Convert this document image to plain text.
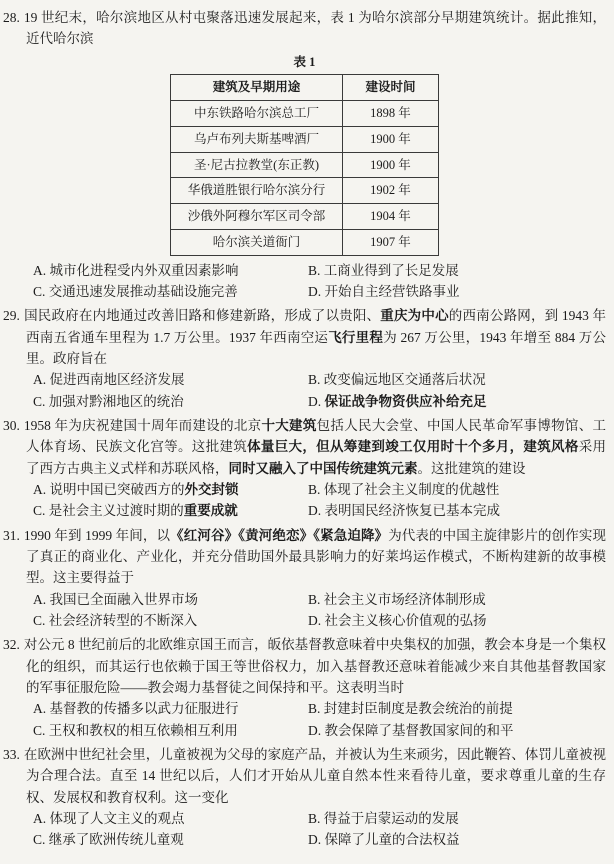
28. 19 世纪末，哈尔滨地区从村屯聚落迅速发展起来，表 1 为哈尔滨部分早期建筑统计。据此推知，近代哈尔滨
表 1
建筑及早期用途	建设时间
中东铁路哈尔滨总工厂	1898 年
乌卢布列夫斯基啤酒厂	1900 年
圣·尼古拉教堂(东正教)	1900 年
华俄道胜银行哈尔滨分行	1902 年
沙俄外阿穆尔军区司令部	1904 年
哈尔滨关道衙门	1907 年
A. 城市化进程受内外双重因素影响	B. 工商业得到了长足发展
C. 交通迅速发展推动基础设施完善	D. 开始自主经营铁路事业
29. 国民政府在内地通过改善旧路和修建新路，形成了以贵阳、重庆为中心的西南公路网，到 1943 年西南五省通车里程为 1.7 万公里。1937 年西南空运飞行里程为 267 万公里，1943 年增至 884 万公里。政府旨在
A. 促进西南地区经济发展	B. 改变偏远地区交通落后状况
C. 加强对黔湘地区的统治	D. 保证战争物资供应补给充足
30. 1958 年为庆祝建国十周年而建设的北京十大建筑包括人民大会堂、中国人民革命军事博物馆、工人体育场、民族文化宫等。这批建筑体量巨大，但从筹建到竣工仅用时十个多月，建筑风格采用了西方古典主义式样和苏联风格，同时又融入了中国传统建筑元素。这批建筑的建设
A. 说明中国已突破西方的外交封锁	B. 体现了社会主义制度的优越性
C. 是社会主义过渡时期的重要成就	D. 表明国民经济恢复已基本完成
31. 1990 年到 1999 年间，以《红河谷》《黄河绝恋》《紧急迫降》为代表的中国主旋律影片的创作实现了真正的商业化、产业化，并充分借助国外最具影响力的好莱坞运作模式，不断构建新的故事模型。这主要得益于
A. 我国已全面融入世界市场	B. 社会主义市场经济体制形成
C. 社会经济转型的不断深入	D. 社会主义核心价值观的弘扬
32. 对公元 8 世纪前后的北欧维京国王而言，皈依基督教意味着中央集权的加强，教会本身是一个集权化的组织，而其运行也依赖于国王等世俗权力，加入基督教还意味着能减少来自其他基督教国家的军事征服危险——教会竭力基督徒之间保持和平。这表明当时
A. 基督教的传播多以武力征服进行	B. 封建封臣制度是教会统治的前提
C. 王权和教权的相互依赖相互利用	D. 教会保障了基督教国家间的和平
33. 在欧洲中世纪社会里，儿童被视为父母的家庭产品，并被认为生来顽劣，因此鞭笞、体罚儿童被视为合理合法。直至 14 世纪以后，人们才开始从儿童自然本性来看待儿童，要求尊重儿童的生存权、发展权和教育权利。这一变化
A. 体现了人文主义的观点	B. 得益于启蒙运动的发展
C. 继承了欧洲传统儿童观	D. 保障了儿童的合法权益
